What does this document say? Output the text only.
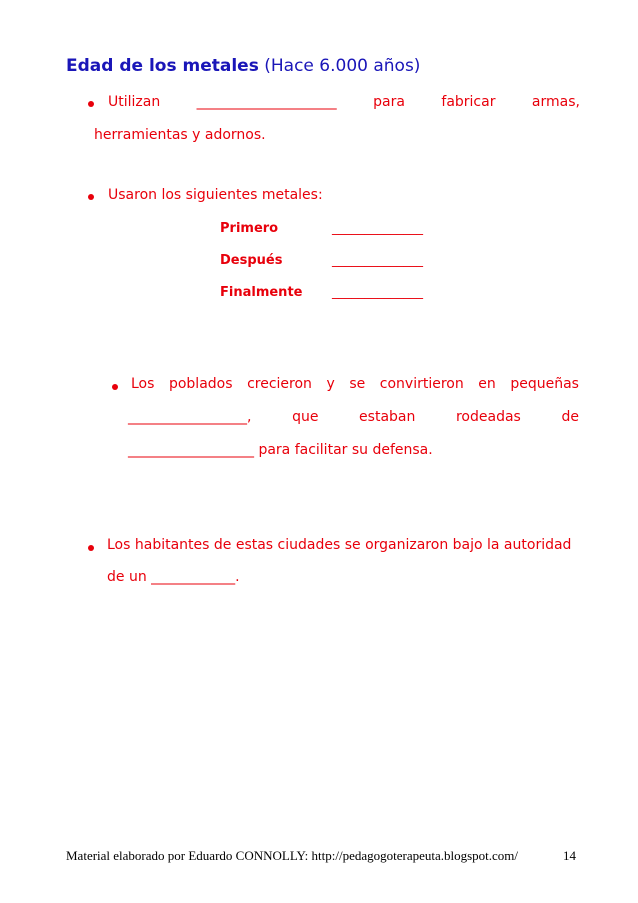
Edad de los metales (Hace 6.000 años)
Utilizan	____________________	para	fabricar	armas,
herramientas y adornos.
Usaron los siguientes metales:
Primero	______________
Después	______________
Finalmente ______________
Los poblados crecieron y se convirtieron en pequeñas
_________________,	que	estaban	rodeadas	de
__________________ para facilitar su defensa.
Los habitantes de estas ciudades se organizaron bajo la autoridad
de un ____________.
Material elaborado por Eduardo CONNOLLY: http://pedagogoterapeuta.blogspot.com/	14
